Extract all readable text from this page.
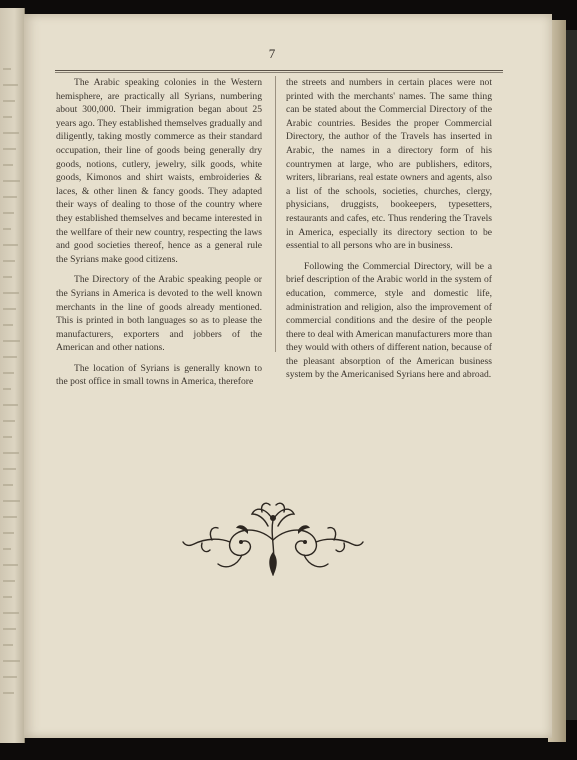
7

The Arabic speaking colonies in the Western hemisphere, are practically all Syrians, numbering about 300,000. Their immigration began about 25 years ago. They established themselves gradually and diligently, taking mostly commerce as their standard occupation, their line of goods being generally dry goods, notions, cutlery, jewelry, silk goods, white goods, Kimonos and shirt waists, embroideries & laces, & other linen & fancy goods. They adapted their ways of dealing to those of the country where they established themselves and became interested in the wellfare of their new country, respecting the laws and good societies thereof, hence as a general rule the Syrians make good citizens.

The Directory of the Arabic speaking people or the Syrians in America is devoted to the well known merchants in the line of goods already mentioned. This is printed in both languages so as to please the manufacturers, exporters and jobbers of the American and other nations.

The location of Syrians is generally known to the post office in small towns in America, therefore

the streets and numbers in certain places were not printed with the merchants' names. The same thing can be stated about the Commercial Directory of the Arabic countries. Besides the proper Commercial Directory, the author of the Travels has inserted in Arabic, the names in a directory form of his countrymen at large, who are publishers, editors, writers, librarians, real estate owners and agents, also a list of the schools, societies, churches, clergy, physicians, druggists, bookeepers, typesetters, restaurants and cafes, etc. Thus rendering the Travels in America, especially its directory section to be essential to all persons who are in business.

Following the Commercial Directory, will be a brief description of the Arabic world in the system of education, commerce, style and domestic life, administration and religion, also the improvement of commercial conditions and the desire of the people there to deal with American manufacturers more than they would with others of different nation, because of the pleasant absorption of the American business system by the Americanised Syrians here and abroad.
